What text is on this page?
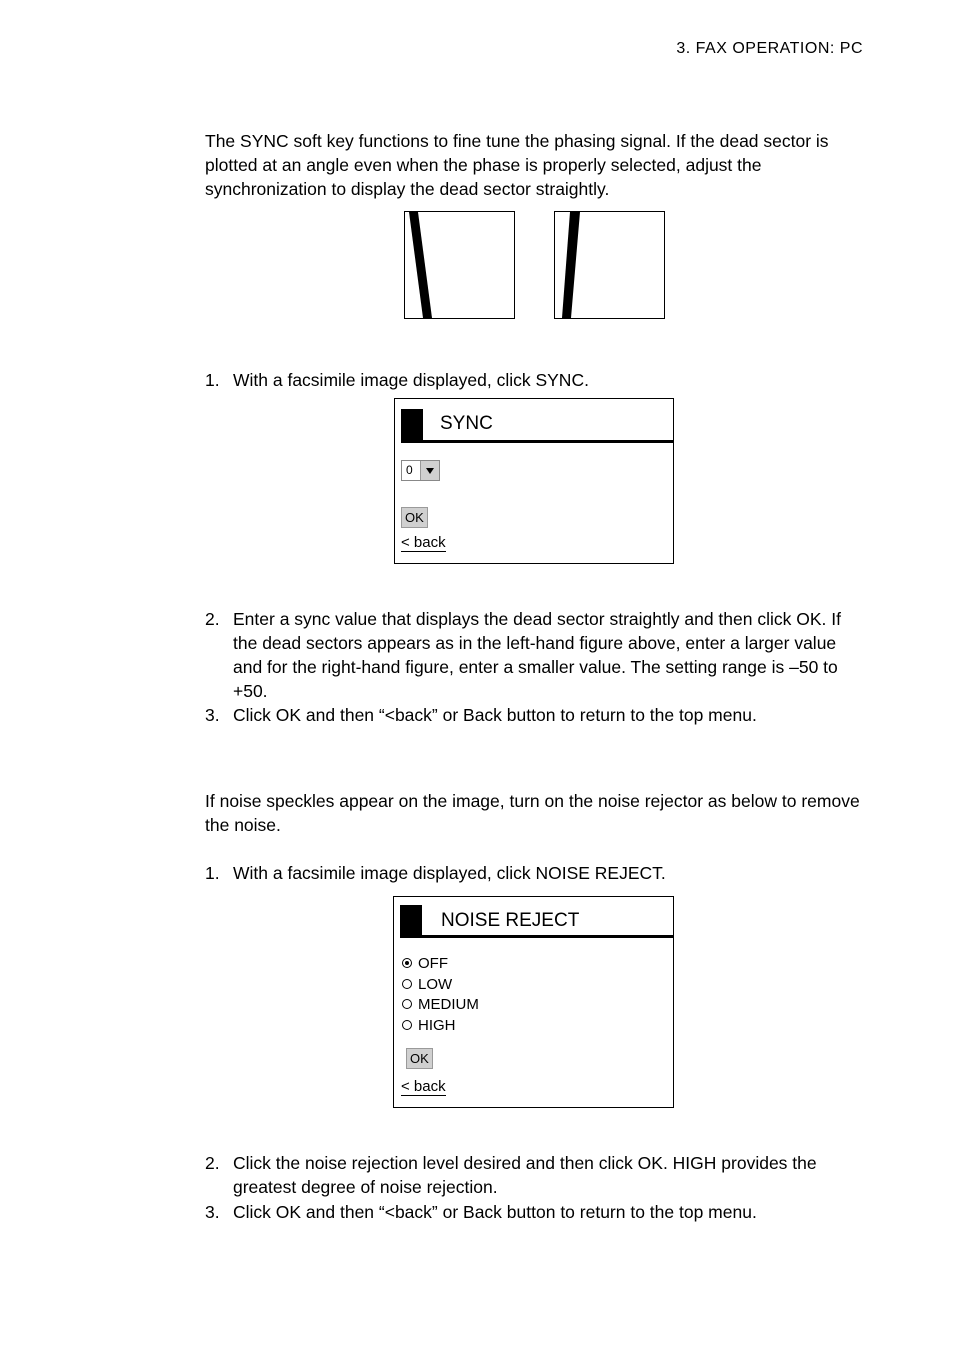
3. FAX OPERATION: PC

The SYNC soft key functions to fine tune the phasing signal. If the dead sector is plotted at an angle even when the phase is properly selected, adjust the synchronization to display the dead sector straightly.

1. With a facsimile image displayed, click SYNC.
SYNC
0
OK
< back
2. Enter a sync value that displays the dead sector straightly and then click OK. If the dead sectors appears as in the left-hand figure above, enter a larger value and for the right-hand figure, enter a smaller value. The setting range is –50 to +50.
3. Click OK and then “<back” or Back button to return to the top menu.

If noise speckles appear on the image, turn on the noise rejector as below to remove the noise.

1. With a facsimile image displayed, click NOISE REJECT.
NOISE REJECT
OFF
LOW
MEDIUM
HIGH
OK
< back
2. Click the noise rejection level desired and then click OK. HIGH provides the greatest degree of noise rejection.
3. Click OK and then “<back” or Back button to return to the top menu.
